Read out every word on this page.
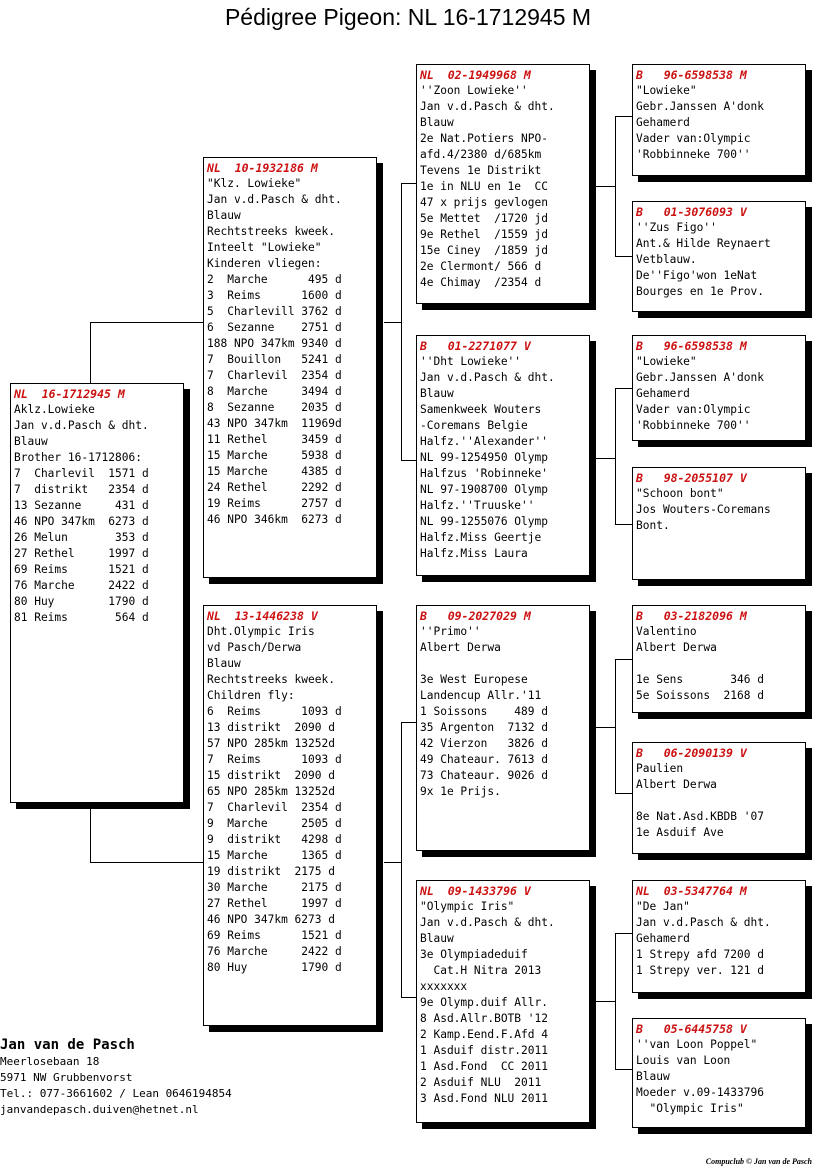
Pédigree Pigeon: NL 16-1712945 M
NL  16-1712945 M
Aklz.Lowieke
Jan v.d.Pasch & dht.
Blauw
Brother 16-1712806:
7  Charlevil  1571 d
7  distrikt   2354 d
13 Sezanne     431 d
46 NPO 347km  6273 d
26 Melun       353 d
27 Rethel     1997 d
69 Reims      1521 d
76 Marche     2422 d
80 Huy        1790 d
81 Reims       564 d
NL  10-1932186 M
"Klz. Lowieke"
Jan v.d.Pasch & dht.
Blauw
Rechtstreeks kweek.
Inteelt "Lowieke"
Kinderen vliegen:
2  Marche      495 d
3  Reims      1600 d
5  Charlevill 3762 d
6  Sezanne    2751 d
188 NPO 347km 9340 d
7  Bouillon   5241 d
7  Charlevil  2354 d
8  Marche     3494 d
8  Sezanne    2035 d
43 NPO 347km  11969d
11 Rethel     3459 d
15 Marche     5938 d
15 Marche     4385 d
24 Rethel     2292 d
19 Reims      2757 d
46 NPO 346km  6273 d
NL  13-1446238 V
Dht.Olympic Iris
vd Pasch/Derwa
Blauw
Rechtstreeks kweek.
Children fly:
6  Reims      1093 d
13 distrikt  2090 d
57 NPO 285km 13252d
7  Reims      1093 d
15 distrikt  2090 d
65 NPO 285km 13252d
7  Charlevil  2354 d
9  Marche     2505 d
9  distrikt   4298 d
15 Marche     1365 d
19 distrikt  2175 d
30 Marche     2175 d
27 Rethel     1997 d
46 NPO 347km 6273 d
69 Reims      1521 d
76 Marche     2422 d
80 Huy        1790 d
NL  02-1949968 M
''Zoon Lowieke''
Jan v.d.Pasch & dht.
Blauw
2e Nat.Potiers NPO-
afd.4/2380 d/685km
Tevens 1e Distrikt
1e in NLU en 1e  CC
47 x prijs gevlogen
5e Mettet  /1720 jd
9e Rethel  /1559 jd
15e Ciney  /1859 jd
2e Clermont/ 566 d
4e Chimay  /2354 d
B   01-2271077 V
''Dht Lowieke''
Jan v.d.Pasch & dht.
Blauw
Samenkweek Wouters
-Coremans Belgie
Halfz.''Alexander''
NL 99-1254950 Olymp
Halfzus 'Robinneke'
NL 97-1908700 Olymp
Halfz.''Truuske''
NL 99-1255076 Olymp
Halfz.Miss Geertje
Halfz.Miss Laura
B   09-2027029 M
''Primo''
Albert Derwa

3e West Europese
Landencup Allr.'11
1 Soissons    489 d
35 Argenton  7132 d
42 Vierzon   3826 d
49 Chateaur. 7613 d
73 Chateaur. 9026 d
9x 1e Prijs.
NL  09-1433796 V
"Olympic Iris"
Jan v.d.Pasch & dht.
Blauw
3e Olympiadeduif
Cat.H Nitra 2013
xxxxxxx
9e Olymp.duif Allr.
8 Asd.Allr.BOTB '12
2 Kamp.Eend.F.Afd 4
1 Asduif distr.2011
1 Asd.Fond  CC 2011
2 Asduif NLU  2011
3 Asd.Fond NLU 2011
B   96-6598538 M
"Lowieke"
Gebr.Janssen A'donk
Gehamerd
Vader van:Olympic
'Robbinneke 700''
B   01-3076093 V
''Zus Figo''
Ant.& Hilde Reynaert
Vetblauw.
De''Figo'won 1eNat
Bourges en 1e Prov.
B   96-6598538 M
"Lowieke"
Gebr.Janssen A'donk
Gehamerd
Vader van:Olympic
'Robbinneke 700''
B   98-2055107 V
"Schoon bont"
Jos Wouters-Coremans
Bont.
B   03-2182096 M
Valentino
Albert Derwa

1e Sens       346 d
5e Soissons  2168 d
B   06-2090139 V
Paulien
Albert Derwa

8e Nat.Asd.KBDB '07
1e Asduif Ave
NL  03-5347764 M
"De Jan"
Jan v.d.Pasch & dht.
Gehamerd
1 Strepy afd 7200 d
1 Strepy ver. 121 d
B   05-6445758 V
''van Loon Poppel"
Louis van Loon
Blauw
Moeder v.09-1433796
"Olympic Iris"
Jan van de Pasch
Meerlosebaan 18
5971 NW Grubbenvorst
Tel.: 077-3661602 / Lean 0646194854
janvandepasch.duiven@hetnet.nl
Compuclub © Jan van de Pasch
